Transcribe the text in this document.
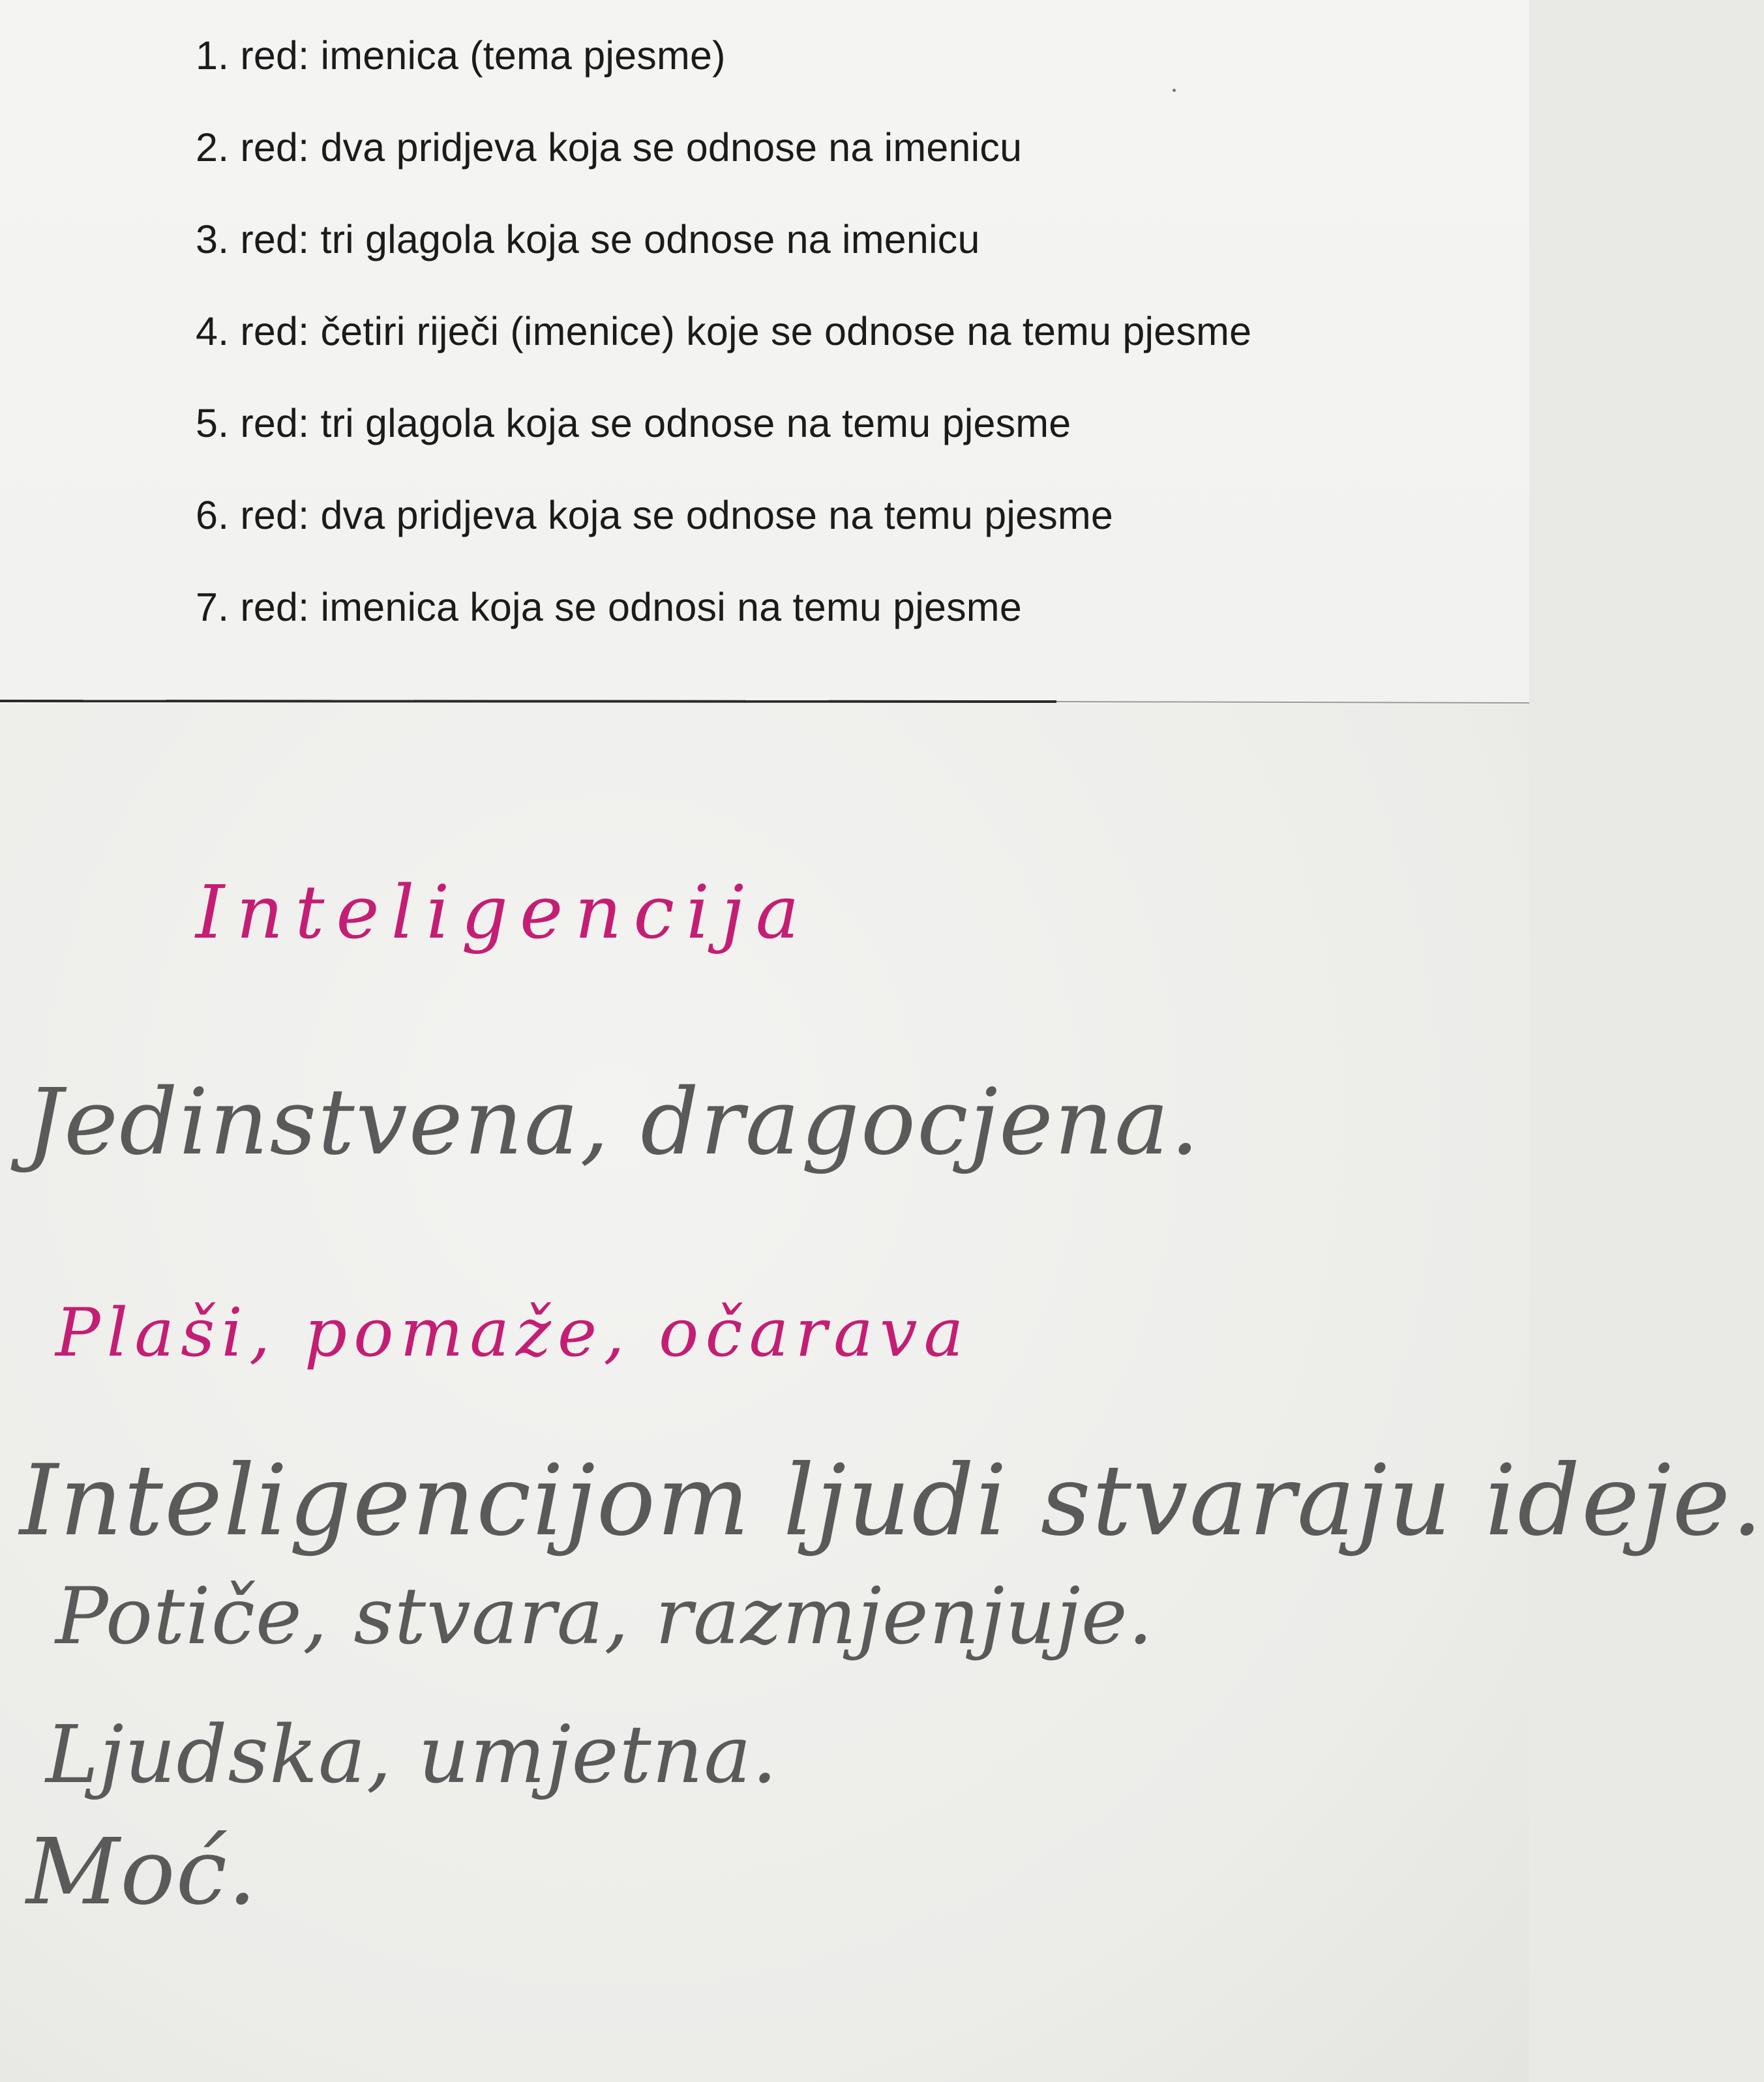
1. red: imenica (tema pjesme)
2. red: dva pridjeva koja se odnose na imenicu
3. red: tri glagola koja se odnose na imenicu
4. red: četiri riječi (imenice) koje se odnose na temu pjesme
5. red: tri glagola koja se odnose na temu pjesme
6. red: dva pridjeva koja se odnose na temu pjesme
7. red: imenica koja se odnosi na temu pjesme
Inteligencija
Jedinstvena, dragocjena.
Plaši, pomaže, očarava
Inteligencijom ljudi stvaraju ideje.
Potiče, stvara, razmjenjuje.
Ljudska, umjetna.
Moć.
